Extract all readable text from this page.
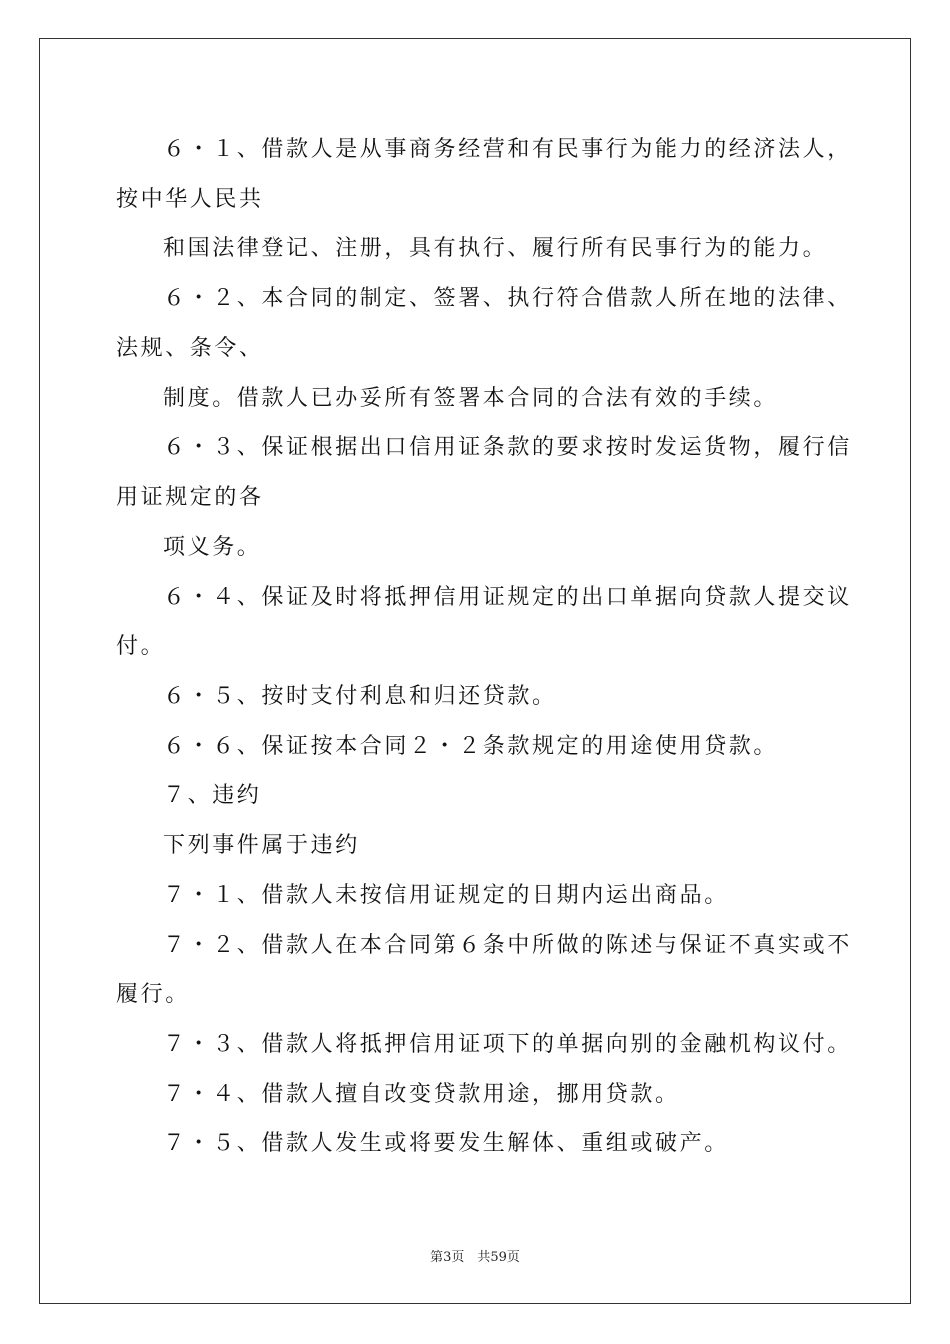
６・１、借款人是从事商务经营和有民事行为能力的经济法人，
按中华人民共
和国法律登记、注册，具有执行、履行所有民事行为的能力。
６・２、本合同的制定、签署、执行符合借款人所在地的法律、
法规、条令、
制度。借款人已办妥所有签署本合同的合法有效的手续。
６・３、保证根据出口信用证条款的要求按时发运货物，履行信
用证规定的各
项义务。
６・４、保证及时将抵押信用证规定的出口单据向贷款人提交议
付。
６・５、按时支付利息和归还贷款。
６・６、保证按本合同２・２条款规定的用途使用贷款。
７、违约
下列事件属于违约
７・１、借款人未按信用证规定的日期内运出商品。
７・２、借款人在本合同第６条中所做的陈述与保证不真实或不
履行。
７・３、借款人将抵押信用证项下的单据向别的金融机构议付。
７・４、借款人擅自改变贷款用途，挪用贷款。
７・５、借款人发生或将要发生解体、重组或破产。
第3页　共59页
